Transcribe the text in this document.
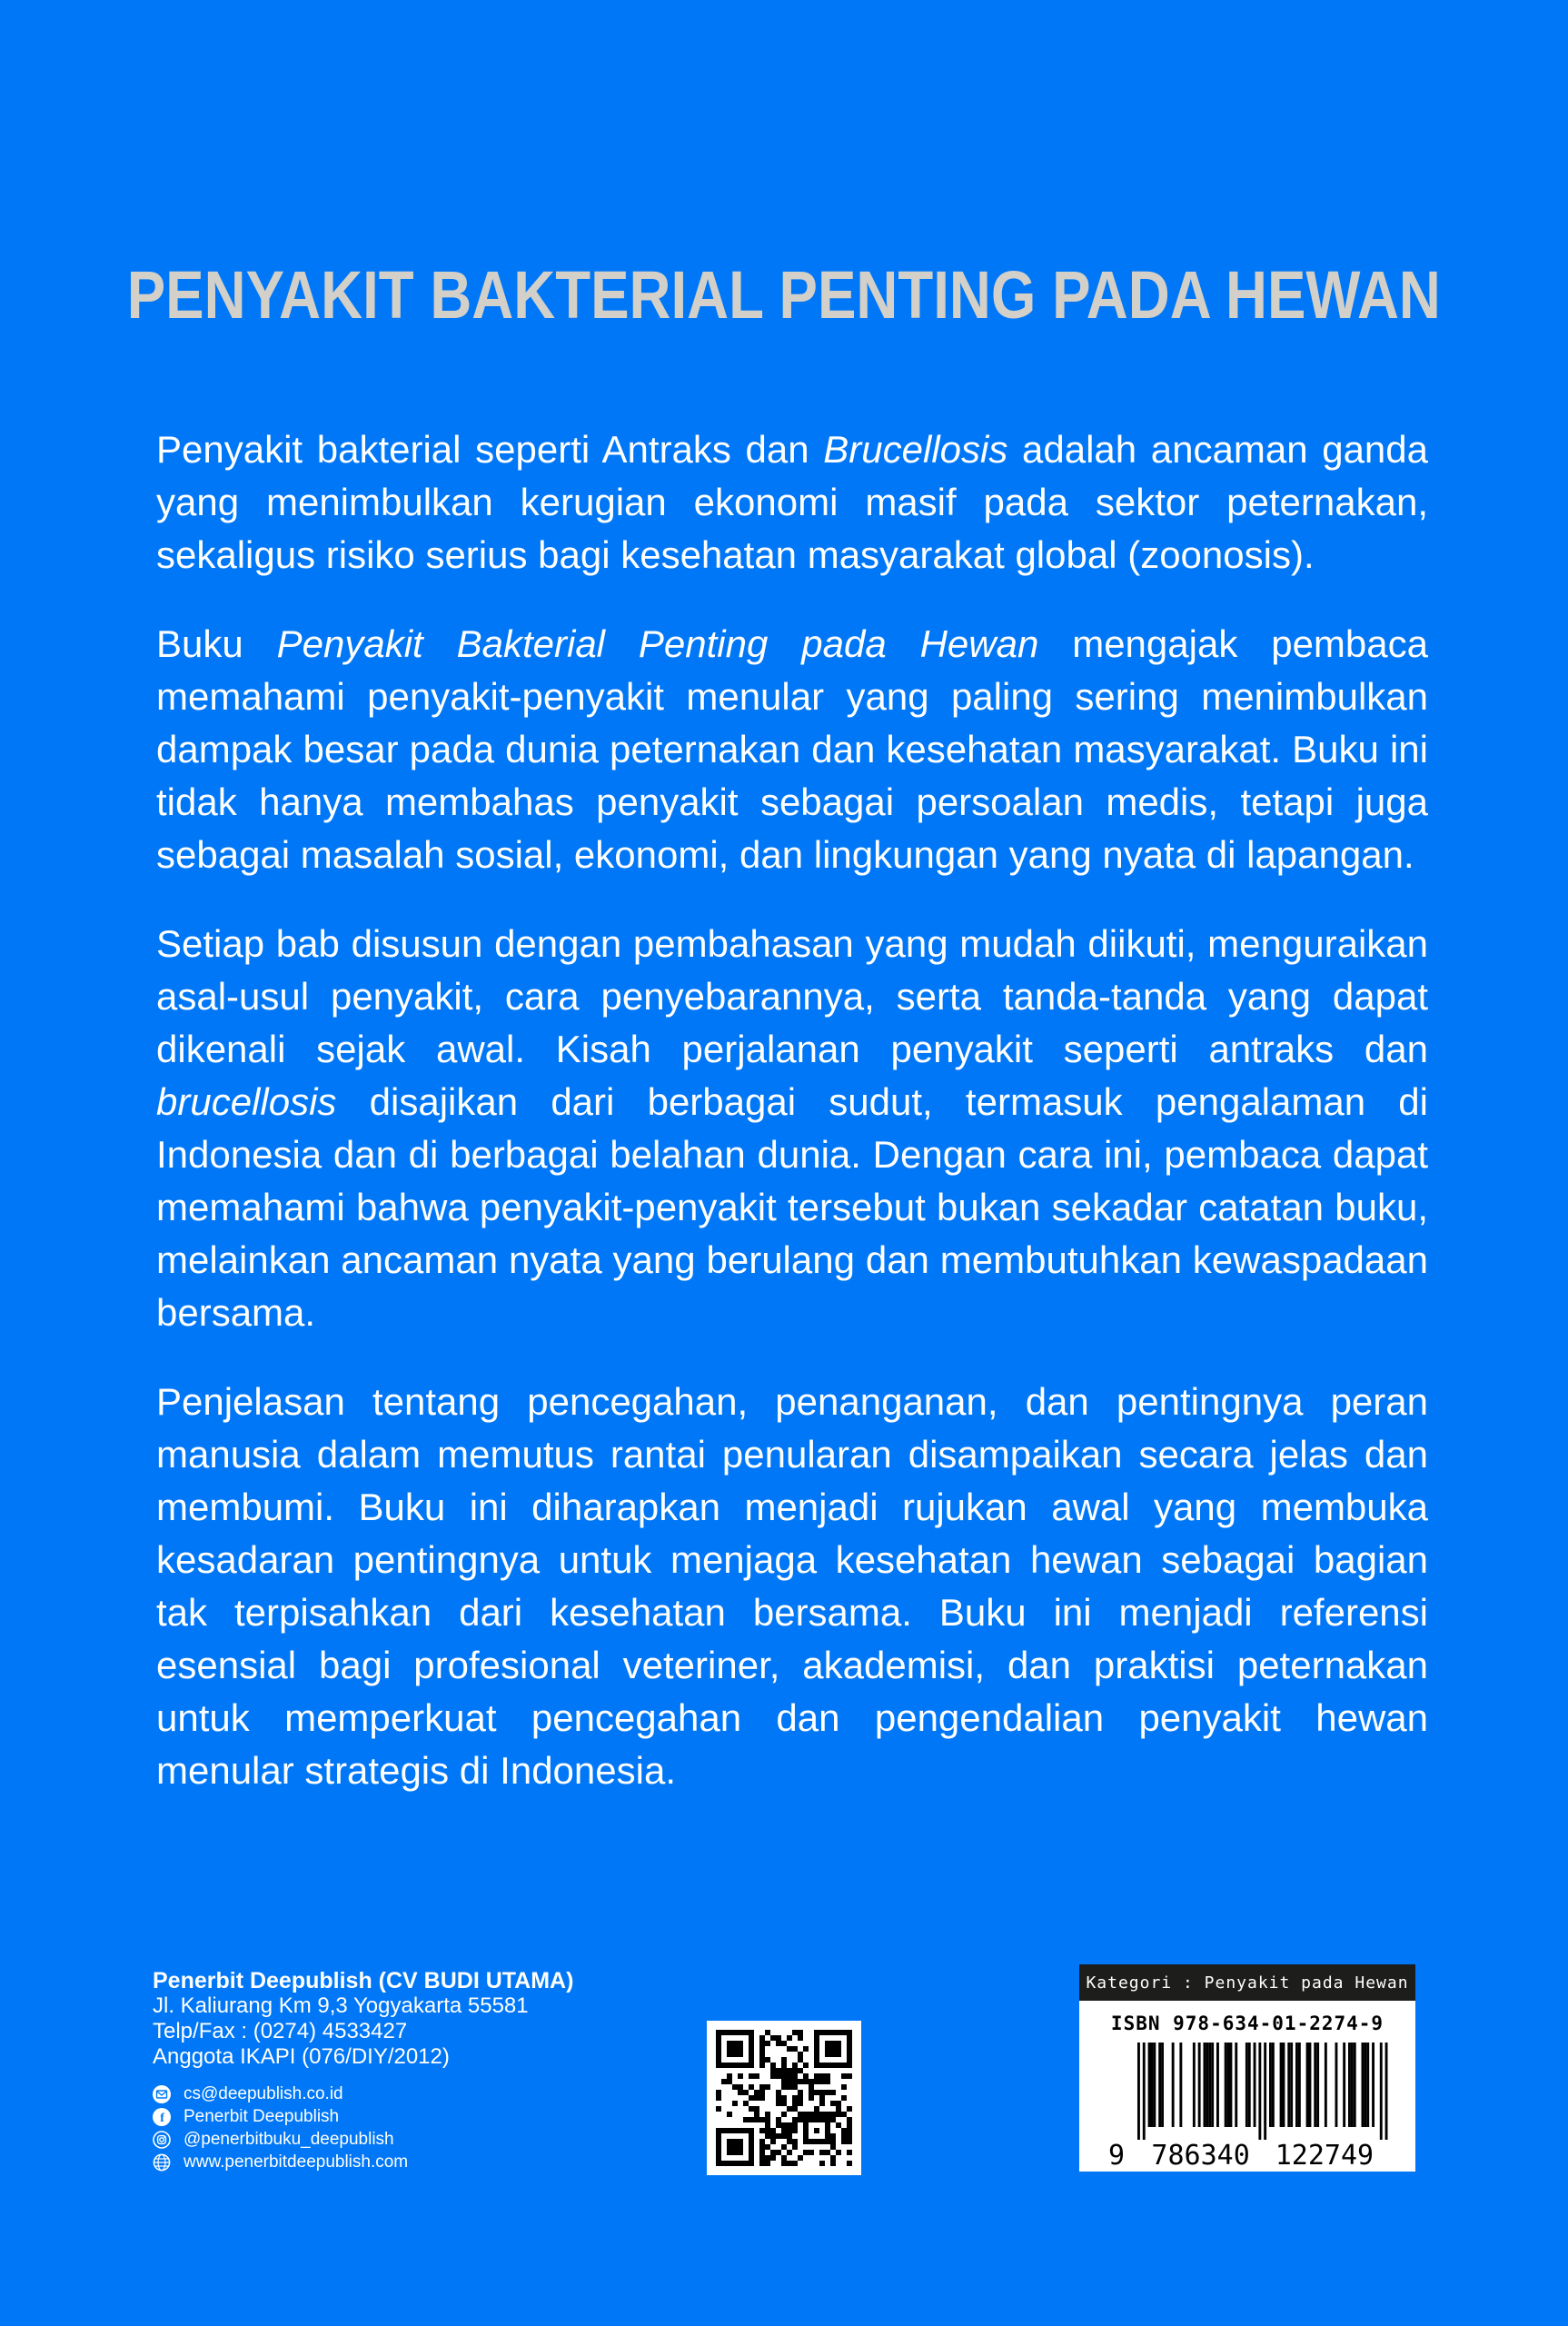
PENYAKIT BAKTERIAL PENTING PADA HEWAN

Penyakit bakterial seperti Antraks dan Brucellosis adalah ancaman ganda yang menimbulkan kerugian ekonomi masif pada sektor peternakan, sekaligus risiko serius bagi kesehatan masyarakat global (zoonosis).

Buku Penyakit Bakterial Penting pada Hewan mengajak pembaca memahami penyakit-penyakit menular yang paling sering menimbulkan dampak besar pada dunia peternakan dan kesehatan masyarakat. Buku ini tidak hanya membahas penyakit sebagai persoalan medis, tetapi juga sebagai masalah sosial, ekonomi, dan lingkungan yang nyata di lapangan.

Setiap bab disusun dengan pembahasan yang mudah diikuti, menguraikan asal-usul penyakit, cara penyebarannya, serta tanda-tanda yang dapat dikenali sejak awal. Kisah perjalanan penyakit seperti antraks dan brucellosis disajikan dari berbagai sudut, termasuk pengalaman di Indonesia dan di berbagai belahan dunia. Dengan cara ini, pembaca dapat memahami bahwa penyakit-penyakit tersebut bukan sekadar catatan buku, melainkan ancaman nyata yang berulang dan membutuhkan kewaspadaan bersama.

Penjelasan tentang pencegahan, penanganan, dan pentingnya peran manusia dalam memutus rantai penularan disampaikan secara jelas dan membumi. Buku ini diharapkan menjadi rujukan awal yang membuka kesadaran pentingnya untuk menjaga kesehatan hewan sebagai bagian tak terpisahkan dari kesehatan bersama. Buku ini menjadi referensi esensial bagi profesional veteriner, akademisi, dan praktisi peternakan untuk memperkuat pencegahan dan pengendalian penyakit hewan menular strategis di Indonesia.

Penerbit Deepublish (CV BUDI UTAMA)
Jl. Kaliurang Km 9,3 Yogyakarta 55581
Telp/Fax : (0274) 4533427
Anggota IKAPI (076/DIY/2012)
cs@deepublish.co.id
f Penerbit Deepublish
@penerbitbuku_deepublish
www.penerbitdeepublish.com
Kategori : Penyakit pada Hewan
ISBN 978-634-01-2274-9
9 786340 122749
